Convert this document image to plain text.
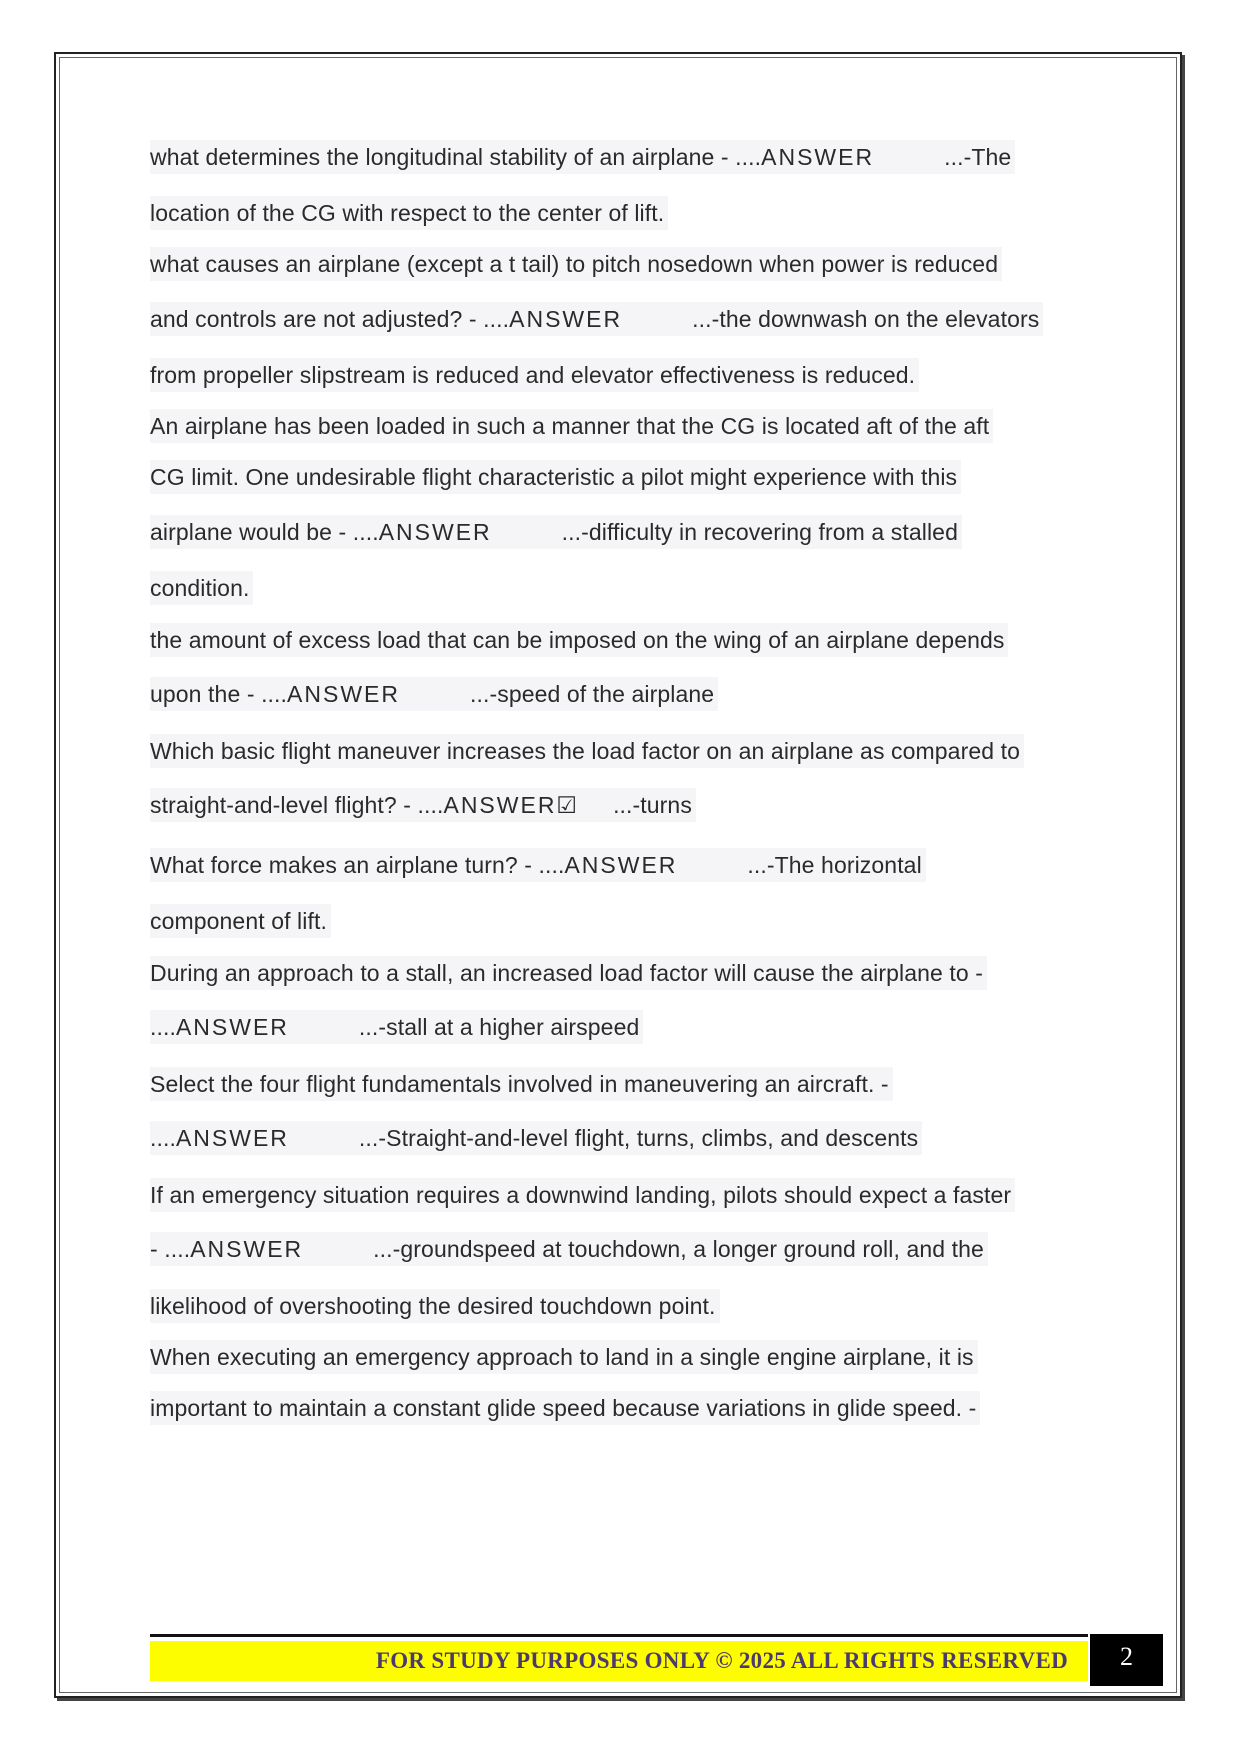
what determines the longitudinal stability of an airplane - ....ANSWER	...-The
location of the CG with respect to the center of lift.
what causes an airplane (except a t tail) to pitch nosedown when power is reduced
and controls are not adjusted? - ....ANSWER	...-the downwash on the elevators
from propeller slipstream is reduced and elevator effectiveness is reduced.
An airplane has been loaded in such a manner that the CG is located aft of the aft
CG limit. One undesirable flight characteristic a pilot might experience with this
airplane would be - ....ANSWER	...-difficulty in recovering from a stalled
condition.
the amount of excess load that can be imposed on the wing of an airplane depends
upon the - ....ANSWER	...-speed of the airplane
Which basic flight maneuver increases the load factor on an airplane as compared to
straight-and-level flight? - ....ANSWER☑ ...-turns
What force makes an airplane turn? - ....ANSWER	...-The horizontal
component of lift.
During an approach to a stall, an increased load factor will cause the airplane to -
....ANSWER	...-stall at a higher airspeed
Select the four flight fundamentals involved in maneuvering an aircraft. -
....ANSWER	...-Straight-and-level flight, turns, climbs, and descents
If an emergency situation requires a downwind landing, pilots should expect a faster
- ....ANSWER	...-groundspeed at touchdown, a longer ground roll, and the
likelihood of overshooting the desired touchdown point.
When executing an emergency approach to land in a single engine airplane, it is
important to maintain a constant glide speed because variations in glide speed. -
FOR STUDY PURPOSES ONLY © 2025 ALL RIGHTS RESERVED	2
